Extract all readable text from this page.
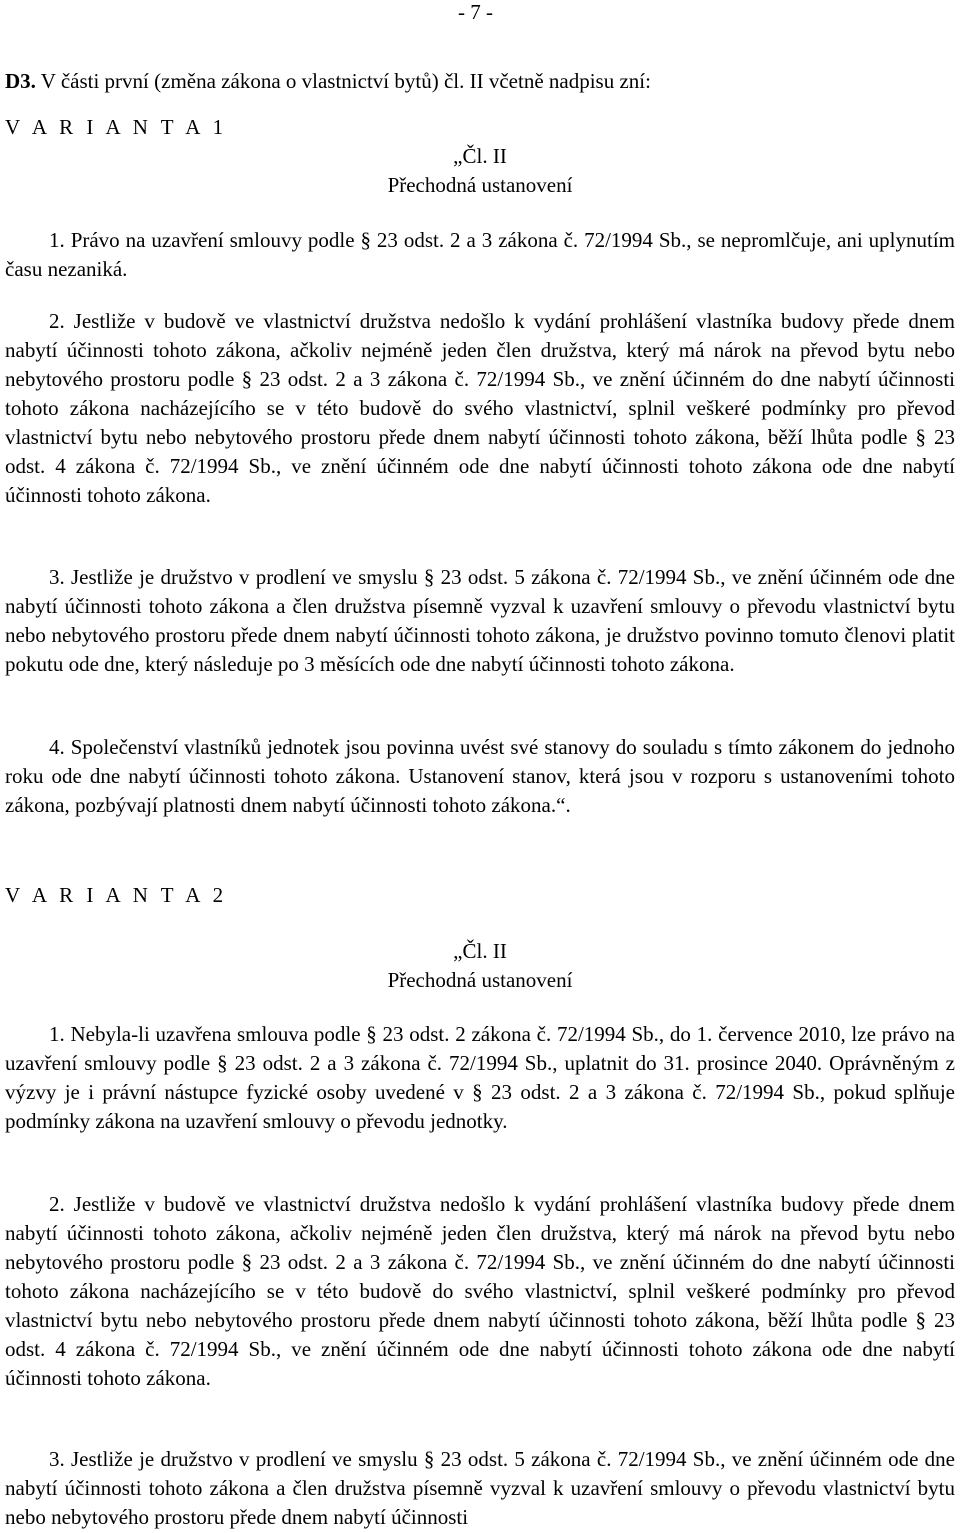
- 7 -
D3. V části první (změna zákona o vlastnictví bytů) čl. II včetně nadpisu zní:
V A R I A N T A 1
„Čl. II
Přechodná ustanovení
1. Právo na uzavření smlouvy podle § 23 odst. 2 a 3 zákona č. 72/1994 Sb., se nepromlčuje, ani uplynutím času nezaniká.
2. Jestliže v budově ve vlastnictví družstva nedošlo k vydání prohlášení vlastníka budovy přede dnem nabytí účinnosti tohoto zákona, ačkoliv nejméně jeden člen družstva, který má nárok na převod bytu nebo nebytového prostoru podle § 23 odst. 2 a 3 zákona č. 72/1994 Sb., ve znění účinném do dne nabytí účinnosti tohoto zákona nacházejícího se v této budově do svého vlastnictví, splnil veškeré podmínky pro převod vlastnictví bytu nebo nebytového prostoru přede dnem nabytí účinnosti tohoto zákona, běží lhůta podle § 23 odst. 4 zákona č. 72/1994 Sb., ve znění účinném ode dne nabytí účinnosti tohoto zákona ode dne nabytí účinnosti tohoto zákona.
3. Jestliže je družstvo v prodlení ve smyslu § 23 odst. 5 zákona č. 72/1994 Sb., ve znění účinném ode dne nabytí účinnosti tohoto zákona a člen družstva písemně vyzval k uzavření smlouvy o převodu vlastnictví bytu nebo nebytového prostoru přede dnem nabytí účinnosti tohoto zákona, je družstvo povinno tomuto členovi platit pokutu ode dne, který následuje po 3 měsících ode dne nabytí účinnosti tohoto zákona.
4. Společenství vlastníků jednotek jsou povinna uvést své stanovy do souladu s tímto zákonem do jednoho roku ode dne nabytí účinnosti tohoto zákona. Ustanovení stanov, která jsou v rozporu s ustanoveními tohoto zákona, pozbývají platnosti dnem nabytí účinnosti tohoto zákona.“.
V A R I A N T A 2
„Čl. II
Přechodná ustanovení
1. Nebyla-li uzavřena smlouva podle § 23 odst. 2 zákona č. 72/1994 Sb., do 1. července 2010, lze právo na uzavření smlouvy podle § 23 odst. 2 a 3 zákona č. 72/1994 Sb., uplatnit do 31. prosince 2040. Oprávněným z výzvy je i právní nástupce fyzické osoby uvedené v § 23 odst. 2 a 3 zákona č. 72/1994 Sb., pokud splňuje podmínky zákona na uzavření smlouvy o převodu jednotky.
2. Jestliže v budově ve vlastnictví družstva nedošlo k vydání prohlášení vlastníka budovy přede dnem nabytí účinnosti tohoto zákona, ačkoliv nejméně jeden člen družstva, který má nárok na převod bytu nebo nebytového prostoru podle § 23 odst. 2 a 3 zákona č. 72/1994 Sb., ve znění účinném do dne nabytí účinnosti tohoto zákona nacházejícího se v této budově do svého vlastnictví, splnil veškeré podmínky pro převod vlastnictví bytu nebo nebytového prostoru přede dnem nabytí účinnosti tohoto zákona, běží lhůta podle § 23 odst. 4 zákona č. 72/1994 Sb., ve znění účinném ode dne nabytí účinnosti tohoto zákona ode dne nabytí účinnosti tohoto zákona.
3. Jestliže je družstvo v prodlení ve smyslu § 23 odst. 5 zákona č. 72/1994 Sb., ve znění účinném ode dne nabytí účinnosti tohoto zákona a člen družstva písemně vyzval k uzavření smlouvy o převodu vlastnictví bytu nebo nebytového prostoru přede dnem nabytí účinnosti
